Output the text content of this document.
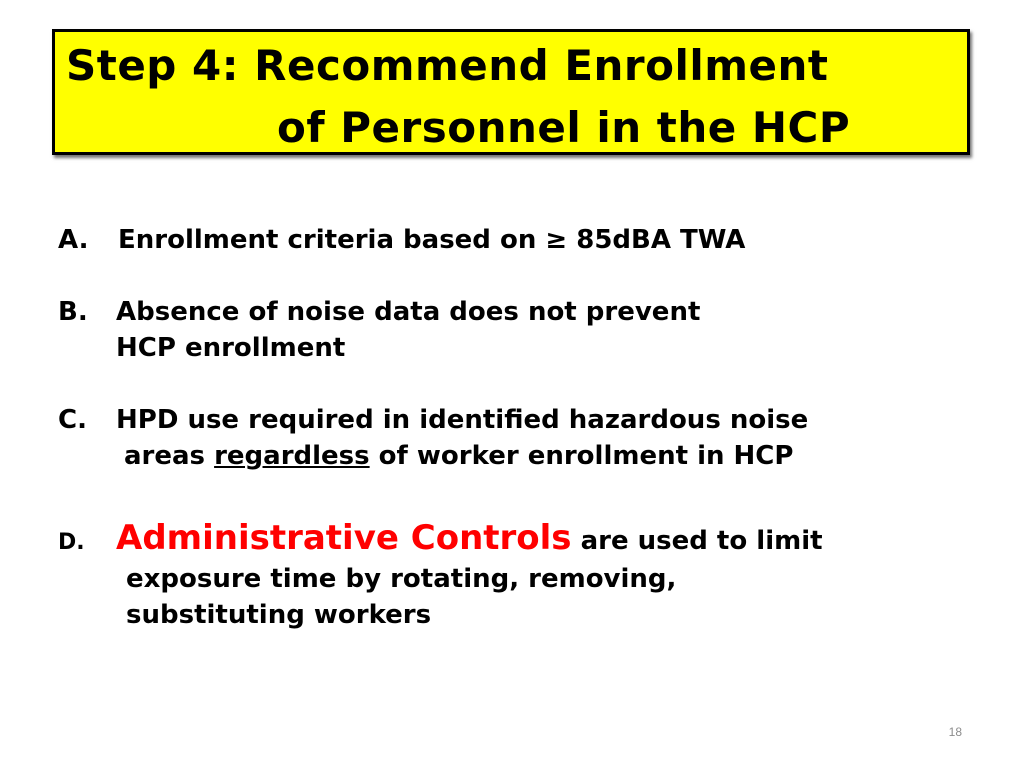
Step 4: Recommend Enrollment
of Personnel in the HCP
A. Enrollment criteria based on ≥ 85dBA TWA
B. Absence of noise data does not prevent
HCP enrollment
C. HPD use required in identified hazardous noise
areas regardless of worker enrollment in HCP
D. Administrative Controls are used to limit
exposure time by rotating, removing,
substituting workers
18
